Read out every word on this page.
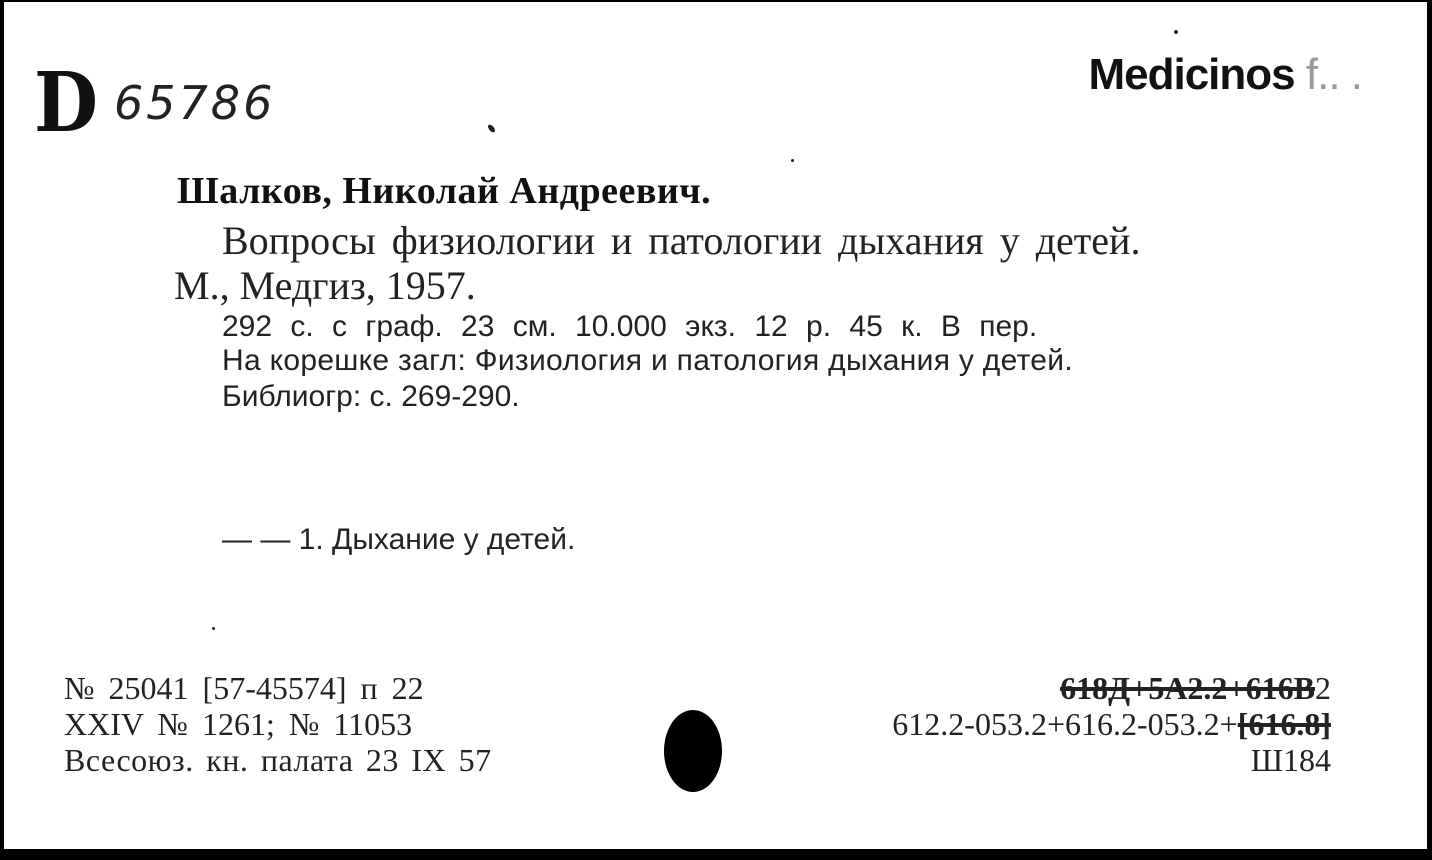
D 65786
Medicinos f.. .
Шалков, Николай Андреевич.
Вопросы физиологии и патологии дыхания у детей.
М., Медгиз, 1957.
292 с. с граф. 23 см. 10.000 экз. 12 р. 45 к. В пер.
На корешке загл: Физиология и патология дыхания у детей.
Библиогр: с. 269-290.
— — 1. Дыхание у детей.
№ 25041 [57-45574] п 22
XXIV № 1261; № 11053
Всесоюз. кн. палата 23 IX 57
618Д+5А2.2+616В2
612.2-053.2+616.2-053.2+[616.8]
Ш184
